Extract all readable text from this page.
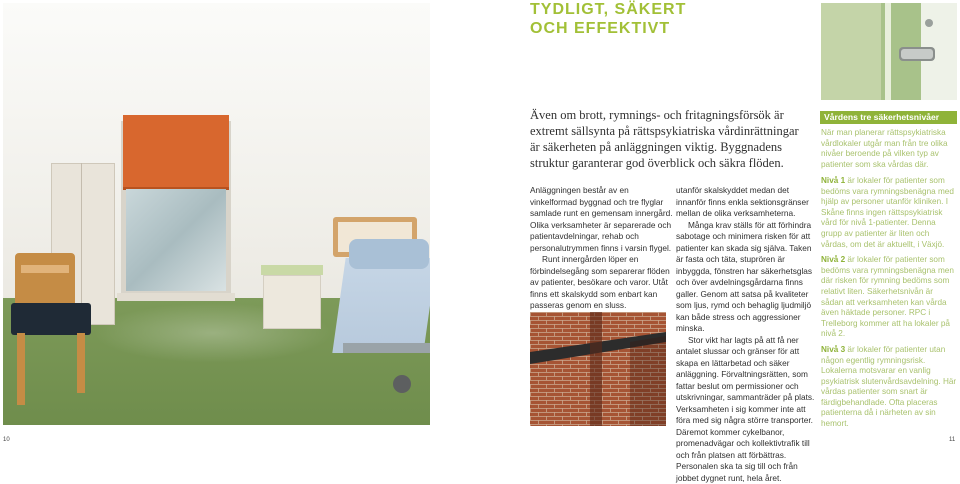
TYDLIGT, SÄKERT
OCH EFFEKTIVT
Även om brott, rymnings- och fritagningsförsök är extremt sällsynta på rättspsykiatriska vårdinrättningar är säkerheten på anläggningen viktig. Byggnadens struktur garanterar god överblick och säkra flöden.

Anläggningen består av en vinkelformad byggnad och tre flyglar samlade runt en gemensam innergård. Olika verksamheter är separerade och patientavdelningar, rehab och personalutrymmen finns i varsin flygel.

Runt innergården löper en förbindelsegång som separerar flöden av patienter, besökare och varor. Utåt finns ett skalskydd som enbart kan passeras genom en sluss.

utanför skalskyddet medan det innanför finns enkla sektionsgränser mellan de olika verksamheterna.

Många krav ställs för att förhindra sabotage och minimera risken för att patienter kan skada sig själva. Taken är fasta och täta, stuprören är inbyggda, fönstren har säkerhetsglas och över avdelningsgårdarna finns galler. Genom att satsa på kvaliteter som ljus, rymd och behaglig ljudmiljö kan både stress och aggressioner minska.

Stor vikt har lagts på att få ner antalet slussar och gränser för att skapa en lättarbetad och säker anläggning. Förvaltningsrätten, som fattar beslut om permissioner och utskrivningar, sammanträder på plats. Verksamheten i sig kommer inte att föra med sig några större transporter. Däremot kommer cykelbanor, promenadvägar och kollektivtrafik till och från platsen att förbättras. Personalen ska ta sig till och från jobbet dygnet runt, hela året.

Vårdens tre säkerhetsnivåer

När man planerar rättspsykiatriska vårdlokaler utgår man från tre olika nivåer beroende på vilken typ av patienter som ska vårdas där.

Nivå 1 är lokaler för patienter som bedöms vara rymningsbenägna med hjälp av personer utanför kliniken. I Skåne finns ingen rättspsykiatrisk vård för nivå 1-patienter. Denna grupp av patienter är liten och vårdas, om det är aktuellt, i Växjö.

Nivå 2 är lokaler för patienter som bedöms vara rymningsbenägna men där risken för rymning bedöms som relativt liten. Säkerhetsnivån är sådan att verksamheten kan vårda även häktade personer. RPC i Trelleborg kommer att ha lokaler på nivå 2.

Nivå 3 är lokaler för patienter utan någon egentlig rymningsrisk. Lokalerna motsvarar en vanlig psykiatrisk slutenvårdsavdelning. Här vårdas patienter som snart är färdigbehandlade. Ofta placeras patienterna då i närheten av sin hemort.

10	11
